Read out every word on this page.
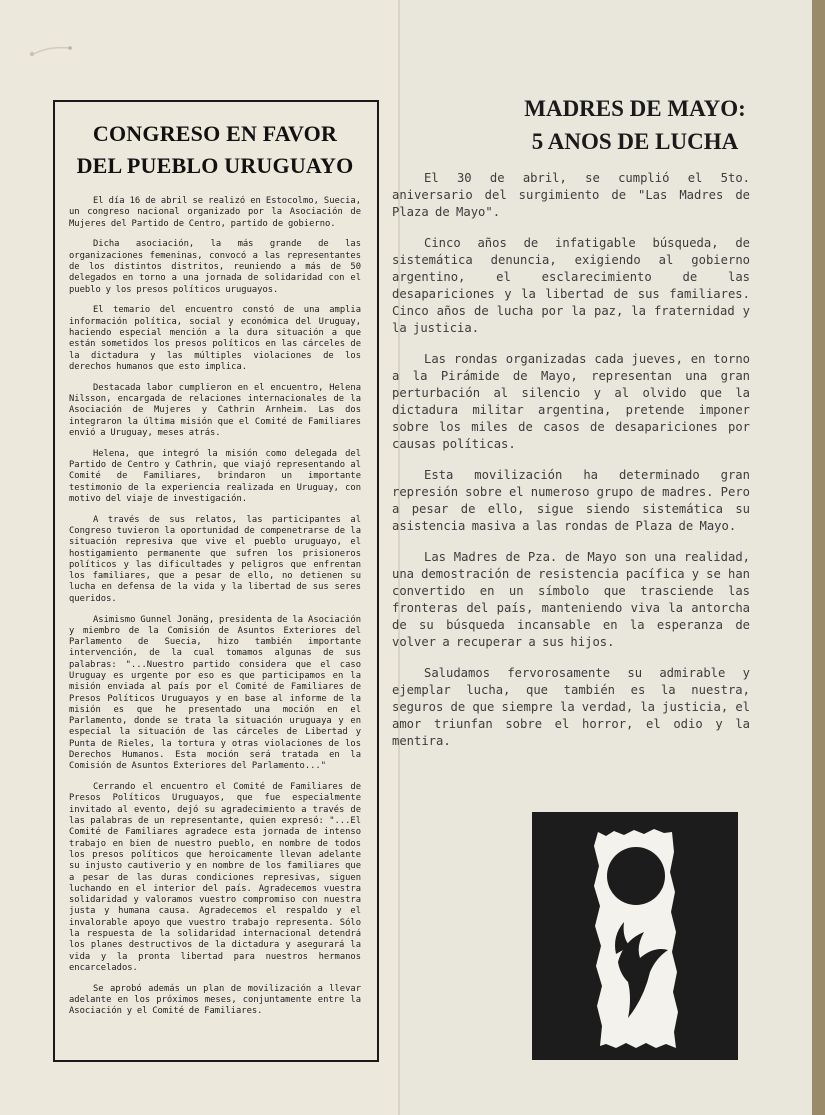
CONGRESO EN FAVOR
DEL PUEBLO URUGUAYO

El día 16 de abril se realizó en Estocolmo, Suecia, un congreso nacional organizado por la Asociación de Mujeres del Partido de Centro, partido de gobierno.

Dicha asociación, la más grande de las organizaciones femeninas, convocó a las representantes de los distintos distritos, reuniendo a más de 50 delegados en torno a una jornada de solidaridad con el pueblo y los presos políticos uruguayos.

El temario del encuentro constó de una amplia información política, social y económica del Uruguay, haciendo especial mención a la dura situación a que están sometidos los presos políticos en las cárceles de la dictadura y las múltiples violaciones de los derechos humanos que esto implica.

Destacada labor cumplieron en el encuentro, Helena Nilsson, encargada de relaciones internacionales de la Asociación de Mujeres y Cathrin Arnheim. Las dos integraron la última misión que el Comité de Familiares envió a Uruguay, meses atrás.

Helena, que integró la misión como delegada del Partido de Centro y Cathrin, que viajó representando al Comité de Familiares, brindaron un importante testimonio de la experiencia realizada en Uruguay, con motivo del viaje de investigación.

A través de sus relatos, las participantes al Congreso tuvieron la oportunidad de compenetrarse de la situación represiva que vive el pueblo uruguayo, el hostigamiento permanente que sufren los prisioneros políticos y las dificultades y peligros que enfrentan los familiares, que a pesar de ello, no detienen su lucha en defensa de la vida y la libertad de sus seres queridos.

Asimismo Gunnel Jonäng, presidenta de la Asociación y miembro de la Comisión de Asuntos Exteriores del Parlamento de Suecia, hizo también importante intervención, de la cual tomamos algunas de sus palabras: "...Nuestro partido considera que el caso Uruguay es urgente por eso es que participamos en la misión enviada al país por el Comité de Familiares de Presos Políticos Uruguayos y en base al informe de la misión es que he presentado una moción en el Parlamento, donde se trata la situación uruguaya y en especial la situación de las cárceles de Libertad y Punta de Rieles, la tortura y otras violaciones de los Derechos Humanos. Esta moción será tratada en la Comisión de Asuntos Exteriores del Parlamento..."

Cerrando el encuentro el Comité de Familiares de Presos Políticos Uruguayos, que fue especialmente invitado al evento, dejó su agradecimiento a través de las palabras de un representante, quien expresó: "...El Comité de Familiares agradece esta jornada de intenso trabajo en bien de nuestro pueblo, en nombre de todos los presos políticos que heroicamente llevan adelante su injusto cautiverio y en nombre de los familiares que a pesar de las duras condiciones represivas, siguen luchando en el interior del país. Agradecemos vuestra solidaridad y valoramos vuestro compromiso con nuestra justa y humana causa. Agradecemos el respaldo y el invalorable apoyo que vuestro trabajo representa. Sólo la respuesta de la solidaridad internacional detendrá los planes destructivos de la dictadura y asegurará la vida y la pronta libertad para nuestros hermanos encarcelados.

Se aprobó además un plan de movilización a llevar adelante en los próximos meses, conjuntamente entre la Asociación y el Comité de Familiares.

MADRES DE MAYO:
5 ANOS DE LUCHA

El 30 de abril, se cumplió el 5to. aniversario del surgimiento de "Las Madres de Plaza de Mayo".

Cinco años de infatigable búsqueda, de sistemática denuncia, exigiendo al gobierno argentino, el esclarecimiento de las desapariciones y la libertad de sus familiares. Cinco años de lucha por la paz, la fraternidad y la justicia.

Las rondas organizadas cada jueves, en torno a la Pirámide de Mayo, representan una gran perturbación al silencio y al olvido que la dictadura militar argentina, pretende imponer sobre los miles de casos de desapariciones por causas políticas.

Esta movilización ha determinado gran represión sobre el numeroso grupo de madres. Pero a pesar de ello, sigue siendo sistemática su asistencia masiva a las rondas de Plaza de Mayo.

Las Madres de Pza. de Mayo son una realidad, una demostración de resistencia pacífica y se han convertido en un símbolo que trasciende las fronteras del país, manteniendo viva la antorcha de su búsqueda incansable en la esperanza de volver a recuperar a sus hijos.

Saludamos fervorosamente su admirable y ejemplar lucha, que también es la nuestra, seguros de que siempre la verdad, la justicia, el amor triunfan sobre el horror, el odio y la mentira.
